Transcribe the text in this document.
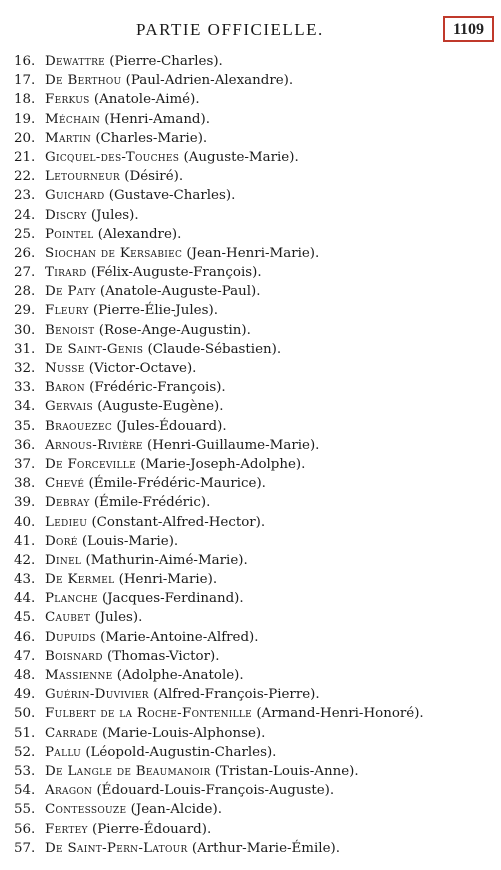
PARTIE OFFICIELLE.	1109
16. Dewattre (Pierre-Charles).
17. De Berthou (Paul-Adrien-Alexandre).
18. Ferkus (Anatole-Aimé).
19. Méchain (Henri-Amand).
20. Martin (Charles-Marie).
21. Gicquel-des-Touches (Auguste-Marie).
22. Letourneur (Désiré).
23. Guichard (Gustave-Charles).
24. Discry (Jules).
25. Pointel (Alexandre).
26. Siochan de Kersabiec (Jean-Henri-Marie).
27. Tirard (Félix-Auguste-François).
28. De Paty (Anatole-Auguste-Paul).
29. Fleury (Pierre-Élie-Jules).
30. Benoist (Rose-Ange-Augustin).
31. De Saint-Genis (Claude-Sébastien).
32. Nusse (Victor-Octave).
33. Baron (Frédéric-François).
34. Gervais (Auguste-Eugène).
35. Braouezec (Jules-Édouard).
36. Arnous-Rivière (Henri-Guillaume-Marie).
37. De Forceville (Marie-Joseph-Adolphe).
38. Chevé (Émile-Frédéric-Maurice).
39. Debray (Émile-Frédéric).
40. Ledieu (Constant-Alfred-Hector).
41. Doré (Louis-Marie).
42. Dinel (Mathurin-Aimé-Marie).
43. De Kermel (Henri-Marie).
44. Planche (Jacques-Ferdinand).
45. Caubet (Jules).
46. Dupuids (Marie-Antoine-Alfred).
47. Boisnard (Thomas-Victor).
48. Massienne (Adolphe-Anatole).
49. Guérin-Duvivier (Alfred-François-Pierre).
50. Fulbert de la Roche-Fontenille (Armand-Henri-Honoré).
51. Carrade (Marie-Louis-Alphonse).
52. Pallu (Léopold-Augustin-Charles).
53. De Langle de Beaumanoir (Tristan-Louis-Anne).
54. Aragon (Édouard-Louis-François-Auguste).
55. Contessouze (Jean-Alcide).
56. Fertey (Pierre-Édouard).
57. De Saint-Pern-Latour (Arthur-Marie-Émile).
